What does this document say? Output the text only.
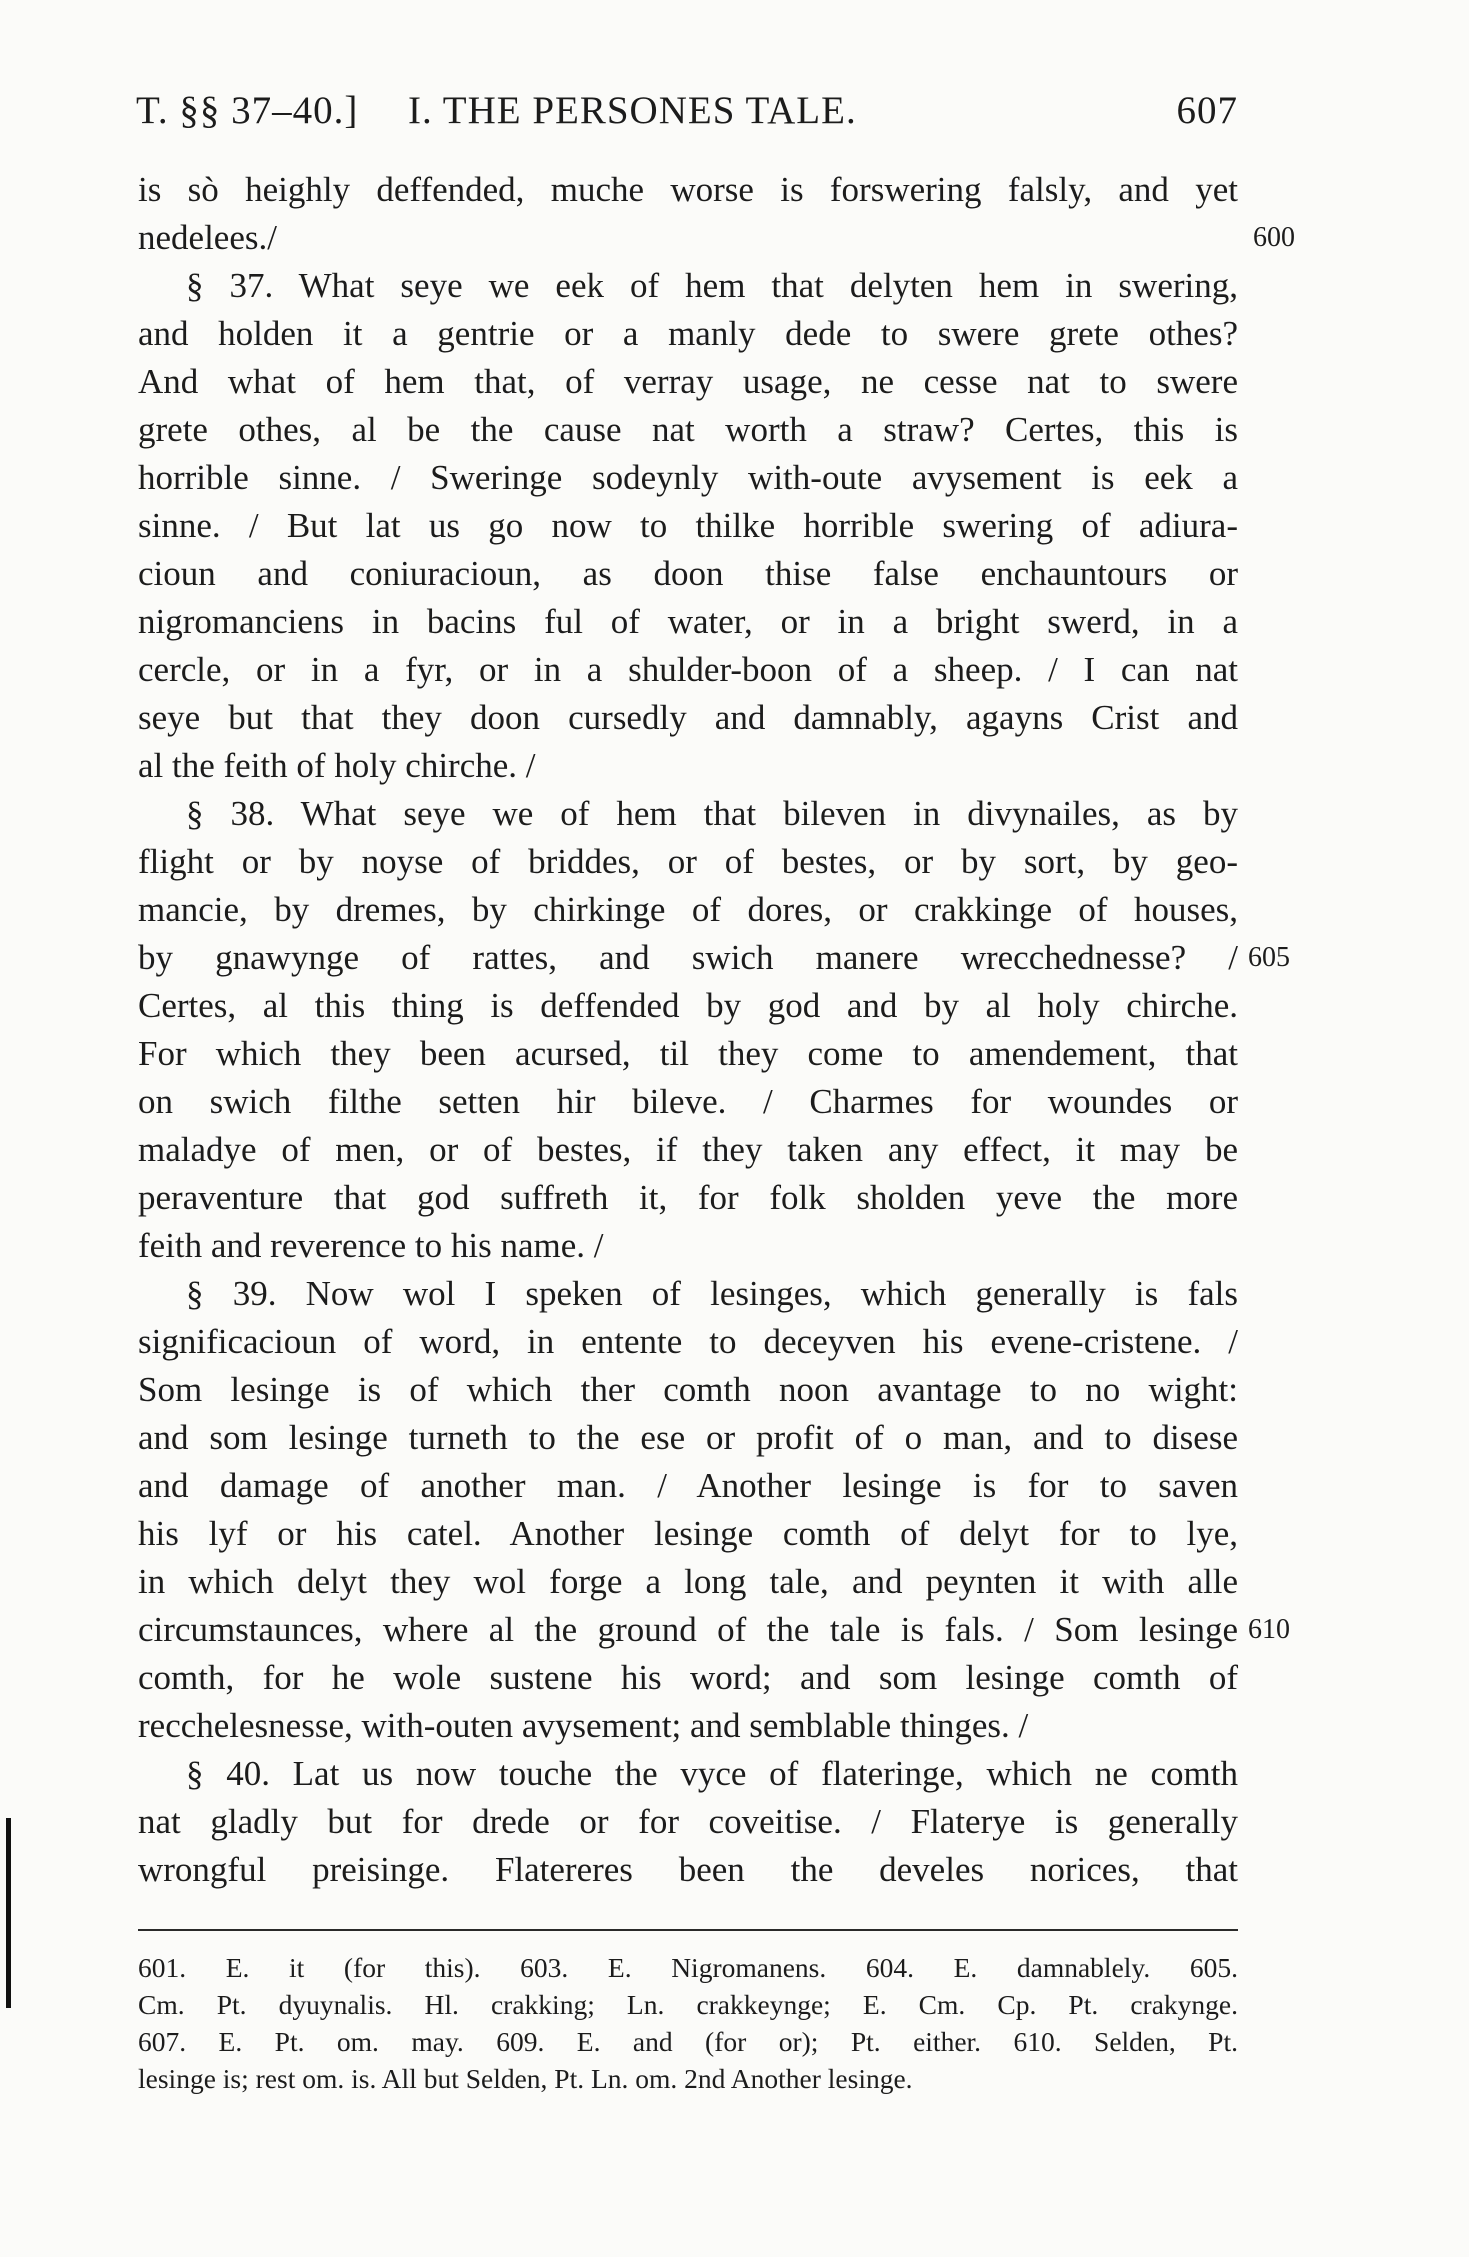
T. §§ 37–40.] I. THE PERSONES TALE.	607
is sò heighly deffended, muche worse is forswering falsly, and yet
nedelees./	600
§ 37. What seye we eek of hem that delyten hem in swering,
and holden it a gentrie or a manly dede to swere grete othes?
And what of hem that, of verray usage, ne cesse nat to swere
grete othes, al be the cause nat worth a straw? Certes, this is
horrible sinne. / Sweringe sodeynly with-oute avysement is eek a
sinne. / But lat us go now to thilke horrible swering of adiura-
cioun and coniuracioun, as doon thise false enchauntours or
nigromanciens in bacins ful of water, or in a bright swerd, in a
cercle, or in a fyr, or in a shulder-boon of a sheep. / I can nat
seye but that they doon cursedly and damnably, agayns Crist and
al the feith of holy chirche. /
§ 38. What seye we of hem that bileven in divynailes, as by
flight or by noyse of briddes, or of bestes, or by sort, by geo-
mancie, by dremes, by chirkinge of dores, or crakkinge of houses,
by gnawynge of rattes, and swich manere wrecchednesse? / 605
Certes, al this thing is deffended by god and by al holy chirche.
For which they been acursed, til they come to amendement, that
on swich filthe setten hir bileve. / Charmes for woundes or
maladye of men, or of bestes, if they taken any effect, it may be
peraventure that god suffreth it, for folk sholden yeve the more
feith and reverence to his name. /
§ 39. Now wol I speken of lesinges, which generally is fals
significacioun of word, in entente to deceyven his evene-cristene. /
Som lesinge is of which ther comth noon avantage to no wight:
and som lesinge turneth to the ese or profit of o man, and to disese
and damage of another man. / Another lesinge is for to saven
his lyf or his catel. Another lesinge comth of delyt for to lye,
in which delyt they wol forge a long tale, and peynten it with alle
circumstaunces, where al the ground of the tale is fals. / Som lesinge 610
comth, for he wole sustene his word; and som lesinge comth of
recchelesnesse, with-outen avysement; and semblable thinges. /
§ 40. Lat us now touche the vyce of flateringe, which ne comth
nat gladly but for drede or for coveitise. / Flaterye is generally
wrongful preisinge. Flatereres been the develes norices, that
601. E. it (for this). 603. E. Nigromanens. 604. E. damnablely. 605.
Cm. Pt. dyuynalis. Hl. crakking; Ln. crakkeynge; E. Cm. Cp. Pt. crakynge.
607. E. Pt. om. may. 609. E. and (for or); Pt. either. 610. Selden, Pt.
lesinge is; rest om. is. All but Selden, Pt. Ln. om. 2nd Another lesinge.
